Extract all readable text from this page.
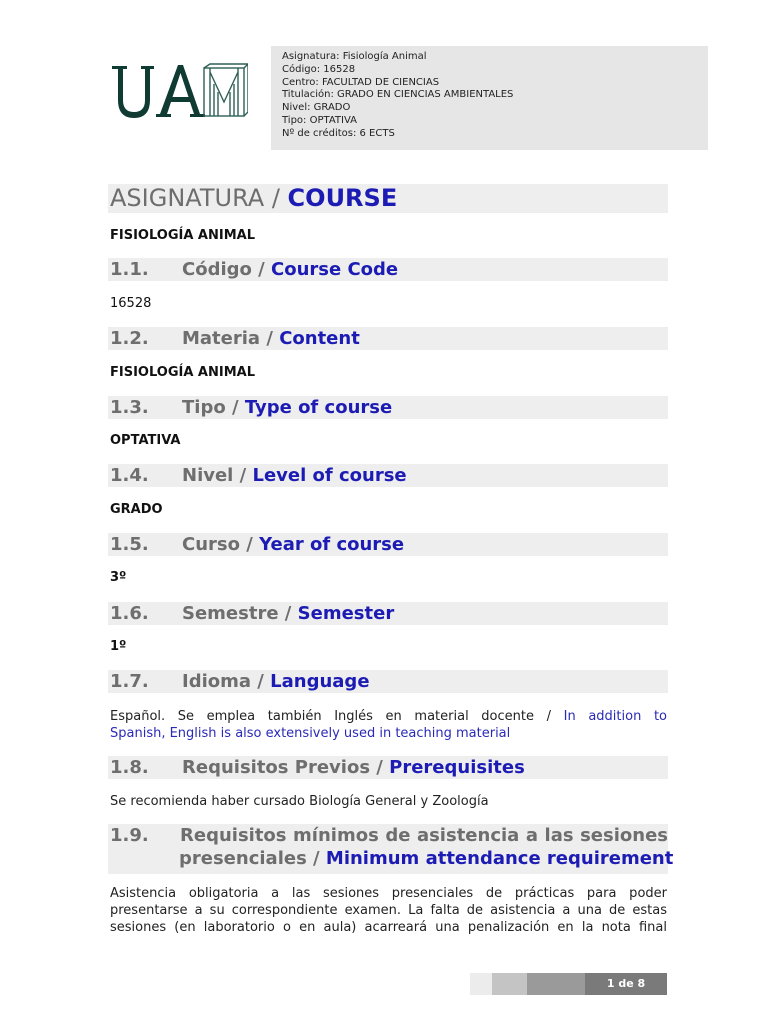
Asignatura: Fisiología Animal
Código: 16528
Centro: FACULTAD DE CIENCIAS
Titulación: GRADO EN CIENCIAS AMBIENTALES
Nivel: GRADO
Tipo: OPTATIVA
Nº de créditos: 6 ECTS
ASIGNATURA / COURSE
FISIOLOGÍA ANIMAL
1.1. Código / Course Code
16528
1.2. Materia / Content
FISIOLOGÍA ANIMAL
1.3. Tipo / Type of course
OPTATIVA
1.4. Nivel / Level of course
GRADO
1.5. Curso / Year of course
3º
1.6. Semestre / Semester
1º
1.7. Idioma / Language
Español. Se emplea también Inglés en material docente / In addition to
Spanish, English is also extensively used in teaching material
1.8. Requisitos Previos / Prerequisites
Se recomienda haber cursado Biología General y Zoología
1.9. Requisitos mínimos de asistencia a las sesiones
presenciales / Minimum attendance requirement
Asistencia obligatoria a las sesiones presenciales de prácticas para poder
presentarse a su correspondiente examen. La falta de asistencia a una de estas
sesiones (en laboratorio o en aula) acarreará una penalización en la nota final
1 de 8
